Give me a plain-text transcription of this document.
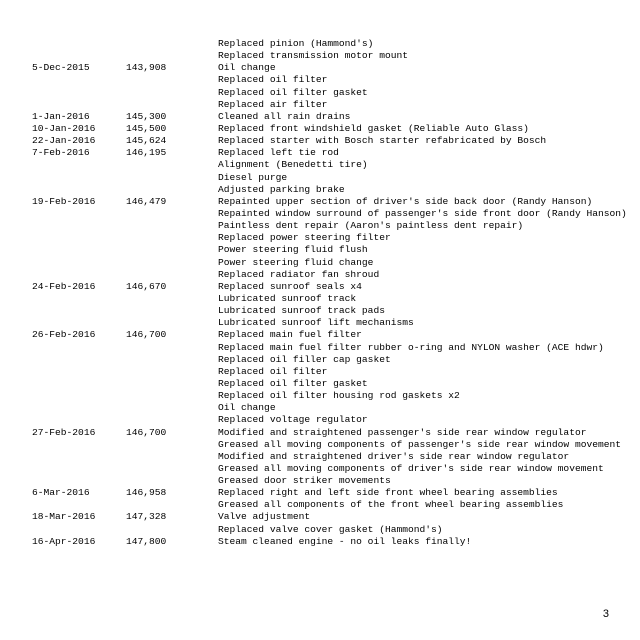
Replaced pinion (Hammond's)
Replaced transmission motor mount
5-Dec-2015	143,908	Oil change
Replaced oil filter
Replaced oil filter gasket
Replaced air filter
1-Jan-2016	145,300	Cleaned all rain drains
10-Jan-2016	145,500	Replaced front windshield gasket (Reliable Auto Glass)
22-Jan-2016	145,624	Replaced starter with Bosch starter refabricated by Bosch
7-Feb-2016	146,195	Replaced left tie rod
Alignment (Benedetti tire)
Diesel purge
Adjusted parking brake
19-Feb-2016	146,479	Repainted upper section of driver's side back door (Randy Hanson)
Repainted window surround of passenger's side front door (Randy Hanson)
Paintless dent repair (Aaron's paintless dent repair)
Replaced power steering filter
Power steering fluid flush
Power steering fluid change
Replaced radiator fan shroud
24-Feb-2016	146,670	Replaced sunroof seals x4
Lubricated sunroof track
Lubricated sunroof track pads
Lubricated sunroof lift mechanisms
26-Feb-2016	146,700	Replaced main fuel filter
Replaced main fuel filter rubber o-ring and NYLON washer (ACE hdwr)
Replaced oil filler cap gasket
Replaced oil filter
Replaced oil filter gasket
Replaced oil filter housing rod gaskets x2
Oil change
Replaced voltage regulator
27-Feb-2016	146,700	Modified and straightened passenger's side rear window regulator
Greased all moving components of passenger's side rear window movement
Modified and straightened driver's side rear window regulator
Greased all moving components of driver's side rear window movement
Greased door striker movements
6-Mar-2016	146,958	Replaced right and left side front wheel bearing assemblies
Greased all components of the front wheel bearing assemblies
18-Mar-2016	147,328	Valve adjustment
Replaced valve cover gasket (Hammond's)
16-Apr-2016	147,800	Steam cleaned engine - no oil leaks finally!
3
